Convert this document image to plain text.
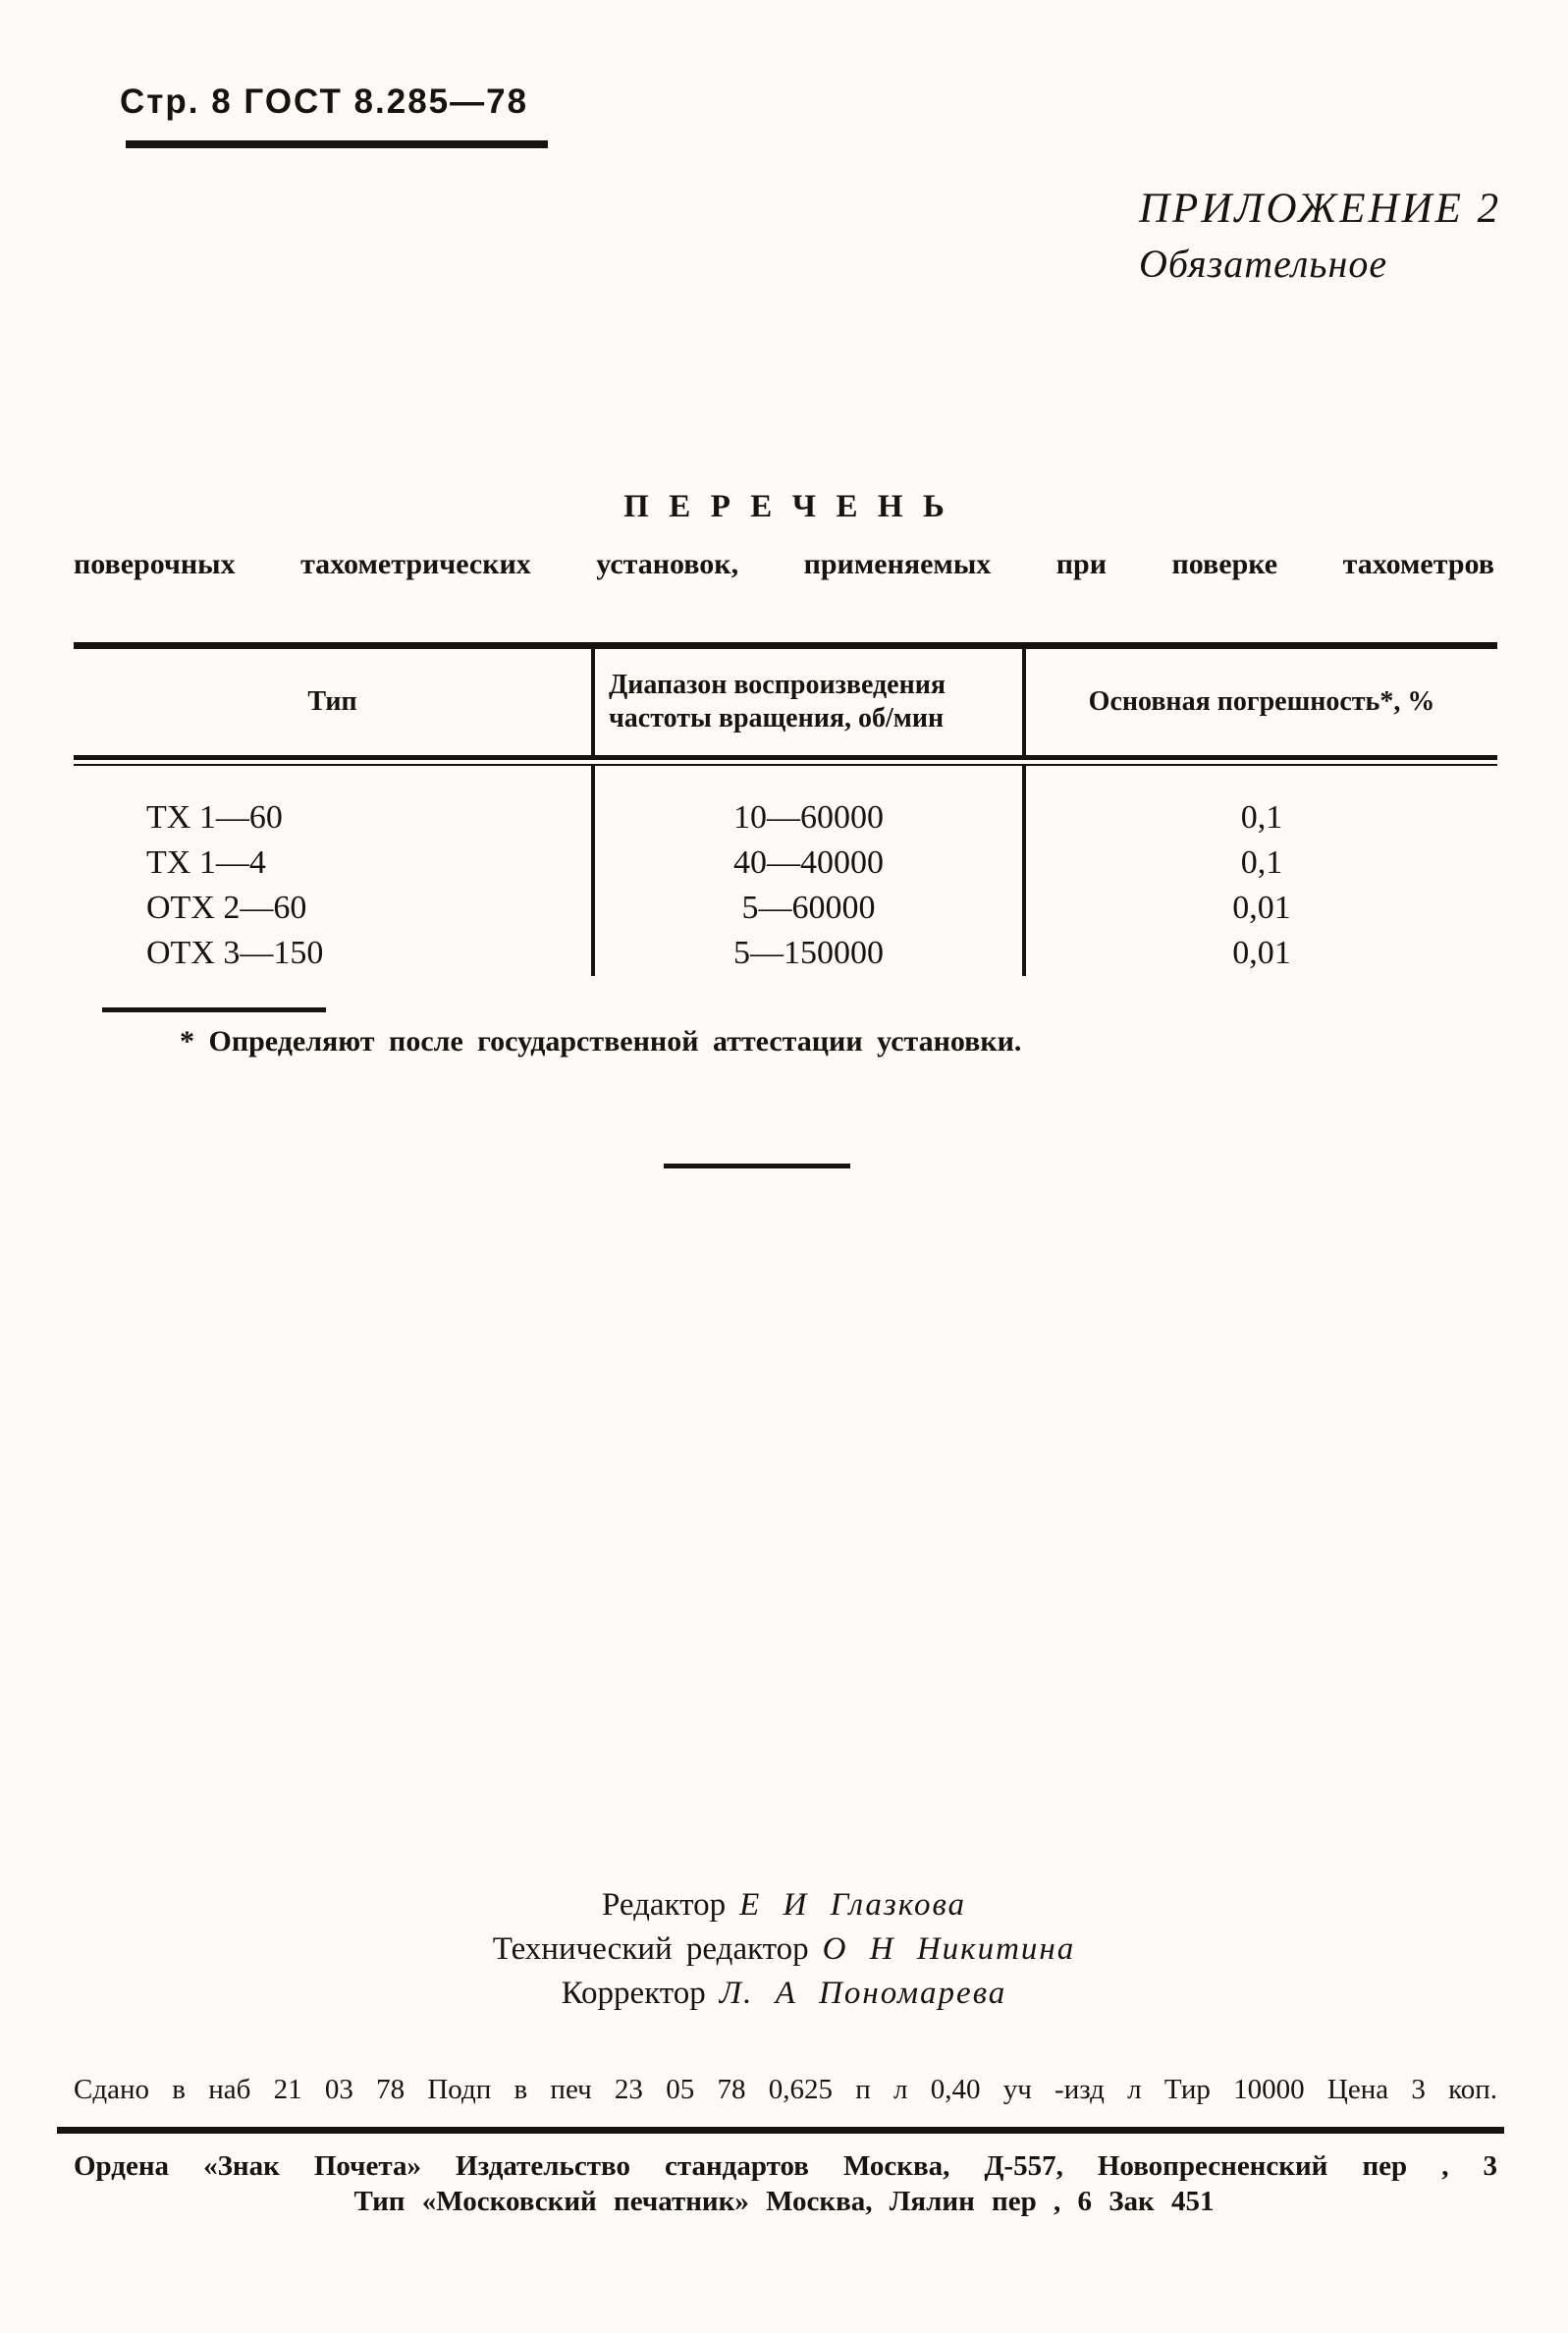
Стр. 8 ГОСТ 8.285—78
ПРИЛОЖЕНИЕ 2
Обязательное
ПЕРЕЧЕНЬ
поверочных тахометрических установок, применяемых при поверке тахометров
Тип
Диапазон воспроизведения
частоты вращения, об/мин
Основная погрешность*, %
ТХ 1—60
ТХ 1—4
ОТХ 2—60
ОТХ 3—150
10—60000
40—40000
5—60000
5—150000
0,1
0,1
0,01
0,01
* Определяют после государственной аттестации установки.
Редактор Е И Глазкова
Технический редактор О Н Никитина
Корректор Л. А Пономарева
Сдано в наб 21 03 78 Подп в печ 23 05 78 0,625 п л 0,40 уч -изд л Тир 10000 Цена 3 коп.
Ордена «Знак Почета» Издательство стандартов Москва, Д-557, Новопресненский пер , 3
Тип «Московский печатник» Москва, Лялин пер , 6 Зак 451
